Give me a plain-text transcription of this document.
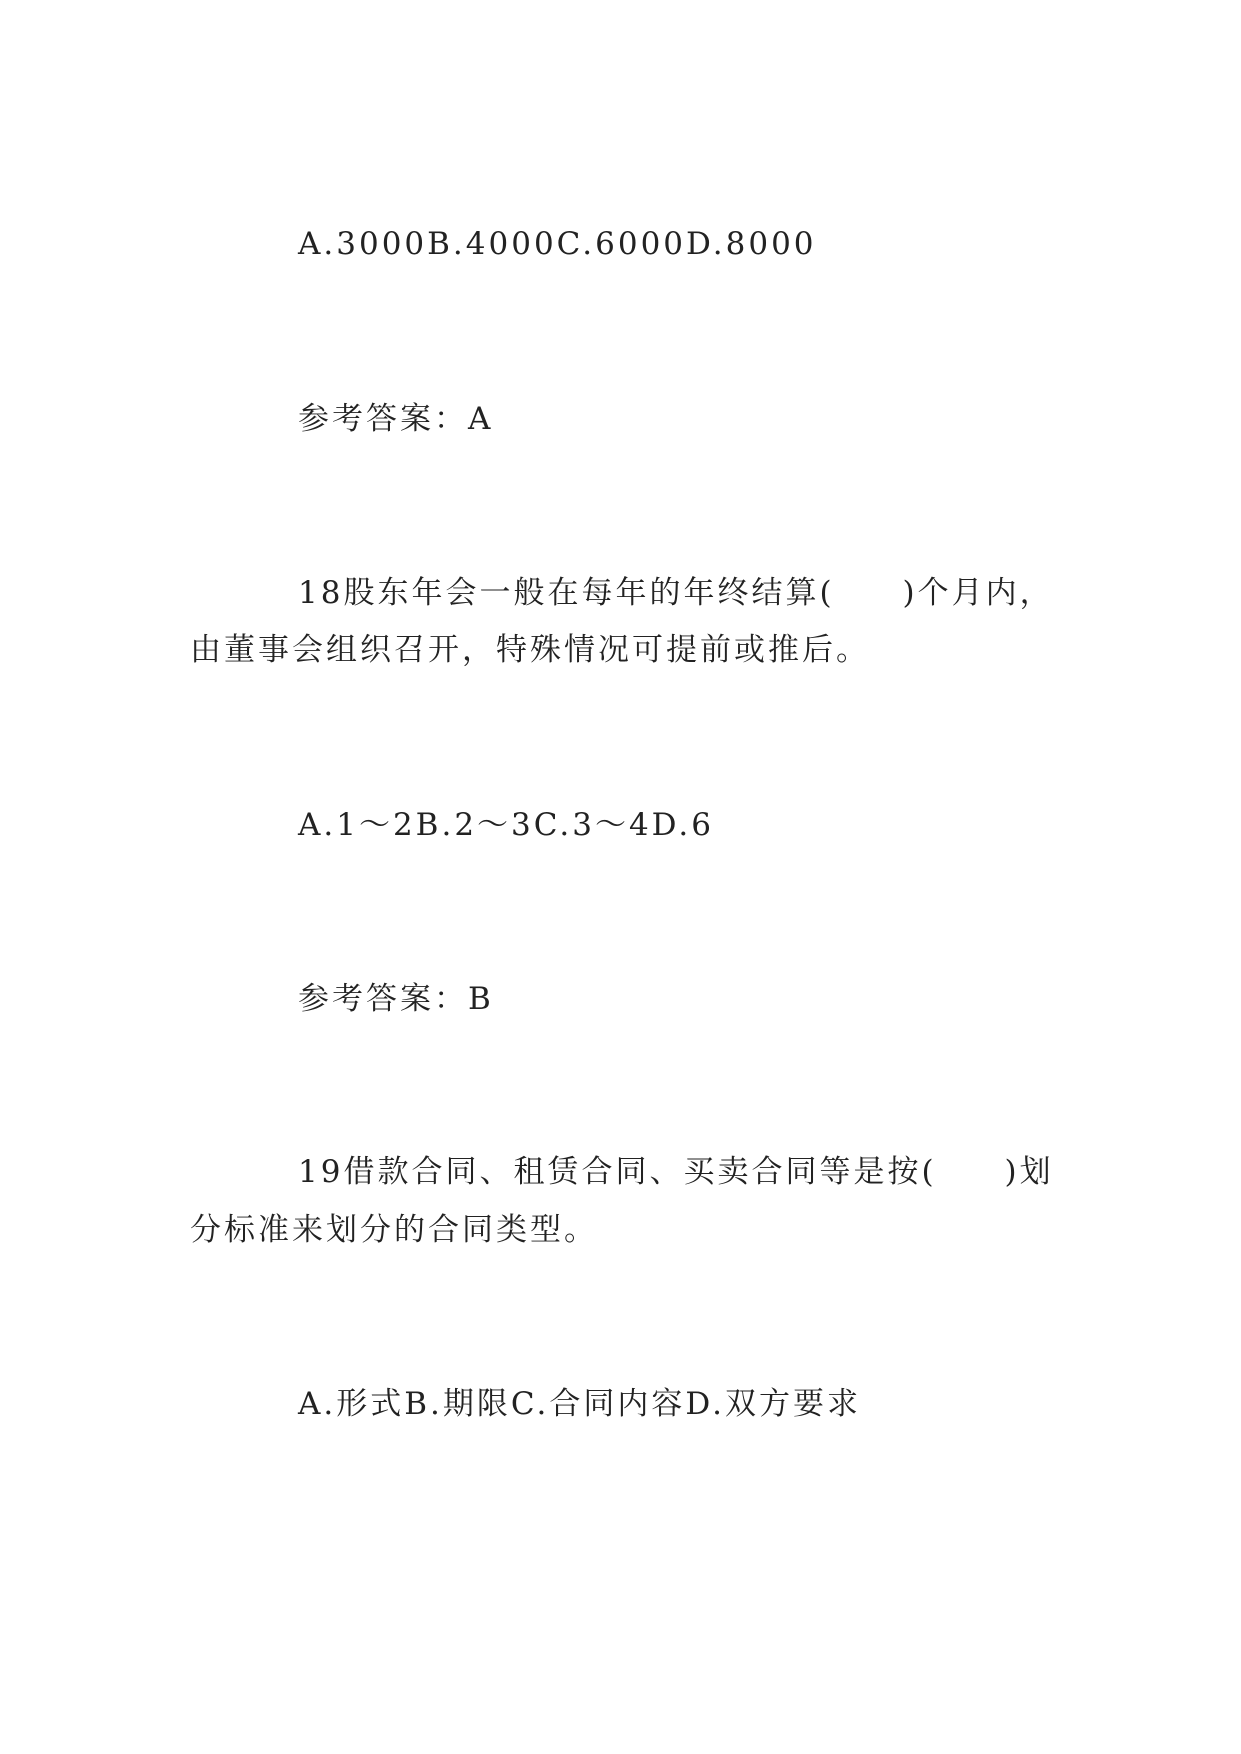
A.3000B.4000C.6000D.8000
参考答案：A
18股东年会一般在每年的年终结算(　　)个月内，
由董事会组织召开，特殊情况可提前或推后。
A.1～2B.2～3C.3～4D.6
参考答案：B
19借款合同、租赁合同、买卖合同等是按(　　)划
分标准来划分的合同类型。
A.形式B.期限C.合同内容D.双方要求
